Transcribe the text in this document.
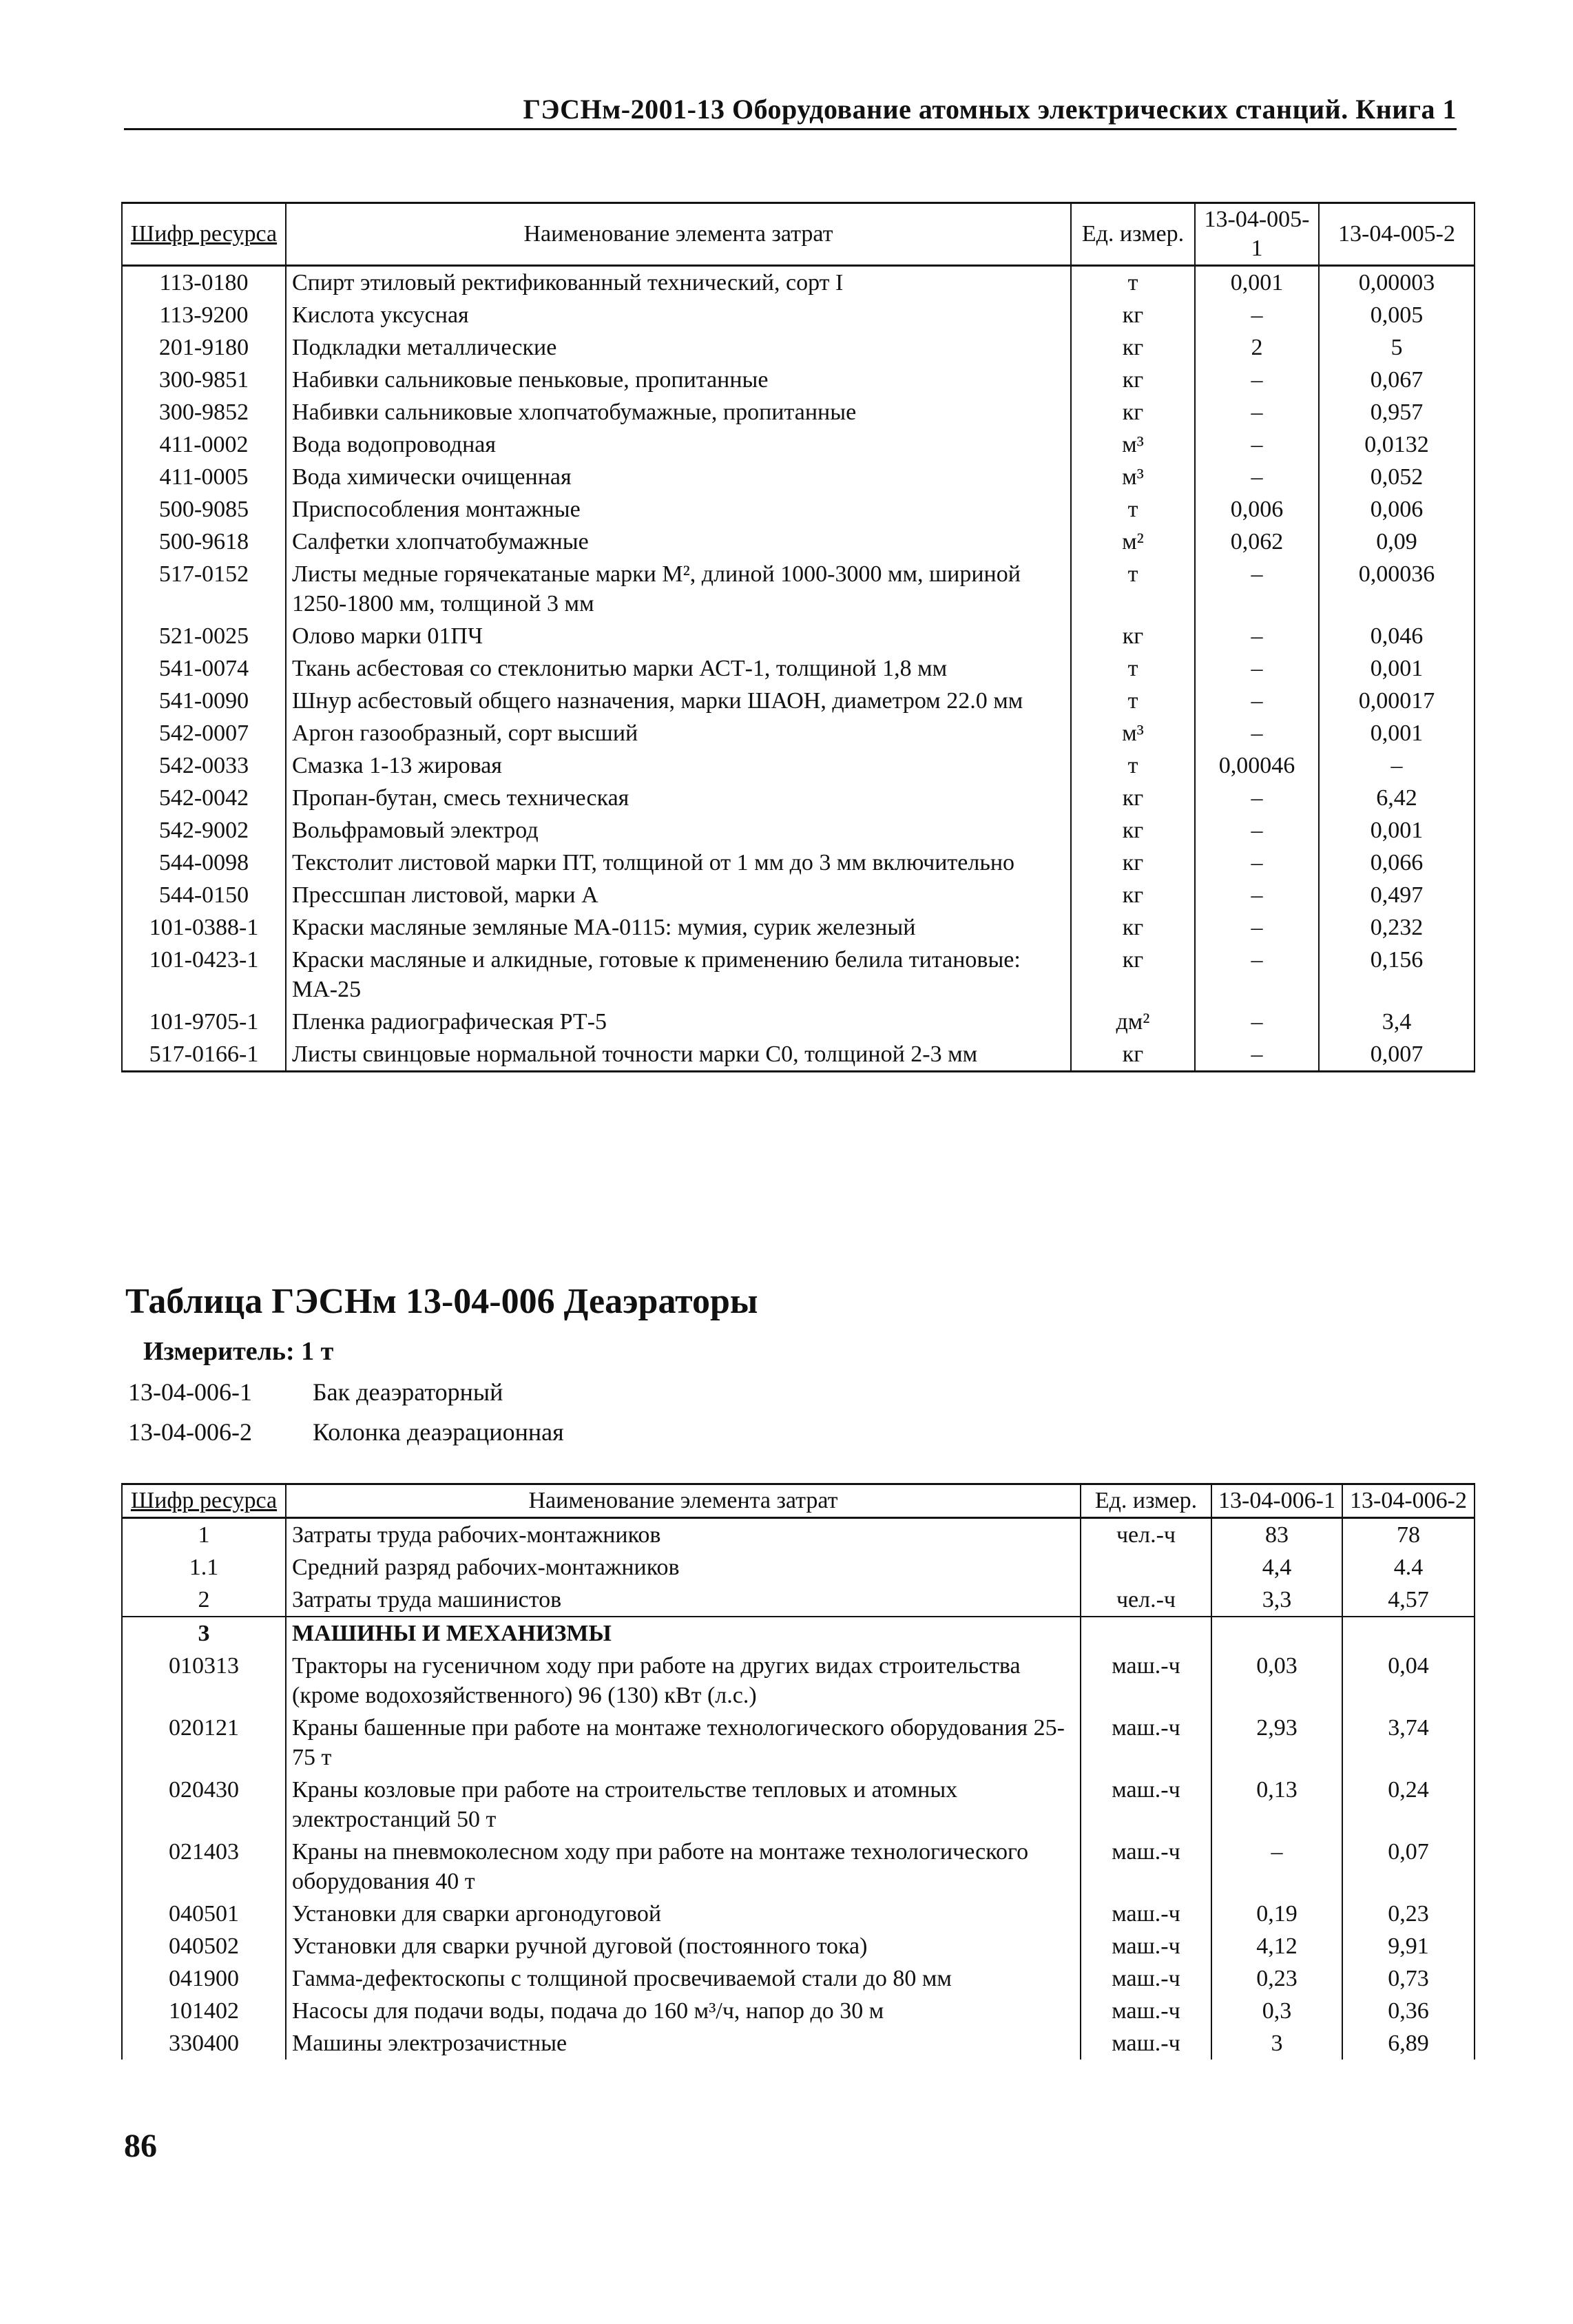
ГЭСНм-2001-13 Оборудование атомных электрических станций. Книга 1
Шифр ресурса	Наименование элемента затрат	Ед. измер.	13-04-005-1	13-04-005-2
113-0180	Спирт этиловый ректификованный технический, сорт I	т	0,001	0,00003
113-9200	Кислота уксусная	кг	–	0,005
201-9180	Подкладки металлические	кг	2	5
300-9851	Набивки сальниковые пеньковые, пропитанные	кг	–	0,067
300-9852	Набивки сальниковые хлопчатобумажные, пропитанные	кг	–	0,957
411-0002	Вода водопроводная	м³	–	0,0132
411-0005	Вода химически очищенная	м³	–	0,052
500-9085	Приспособления монтажные	т	0,006	0,006
500-9618	Салфетки хлопчатобумажные	м²	0,062	0,09
517-0152	Листы медные горячекатаные марки М², длиной 1000-3000 мм, шириной 1250-1800 мм, толщиной 3 мм	т	–	0,00036
521-0025	Олово марки 01ПЧ	кг	–	0,046
541-0074	Ткань асбестовая со стеклонитью марки АСТ-1, толщиной 1,8 мм	т	–	0,001
541-0090	Шнур асбестовый общего назначения, марки ШАОН, диаметром 22.0 мм	т	–	0,00017
542-0007	Аргон газообразный, сорт высший	м³	–	0,001
542-0033	Смазка 1-13 жировая	т	0,00046	–
542-0042	Пропан-бутан, смесь техническая	кг	–	6,42
542-9002	Вольфрамовый электрод	кг	–	0,001
544-0098	Текстолит листовой марки ПТ, толщиной от 1 мм до 3 мм включительно	кг	–	0,066
544-0150	Прессшпан листовой, марки А	кг	–	0,497
101-0388-1	Краски масляные земляные МА-0115: мумия, сурик железный	кг	–	0,232
101-0423-1	Краски масляные и алкидные, готовые к применению белила титановые: МА-25	кг	–	0,156
101-9705-1	Пленка радиографическая РТ-5	дм²	–	3,4
517-0166-1	Листы свинцовые нормальной точности марки С0, толщиной 2-3 мм	кг	–	0,007
Таблица ГЭСНм 13-04-006 Деаэраторы
Измеритель: 1 т
13-04-006-1 Бак деаэраторный
13-04-006-2 Колонка деаэрационная
Шифр ресурса	Наименование элемента затрат	Ед. измер.	13-04-006-1	13-04-006-2
1	Затраты труда рабочих-монтажников	чел.-ч	83	78
1.1	Средний разряд рабочих-монтажников		4,4	4.4
2	Затраты труда машинистов	чел.-ч	3,3	4,57
3	МАШИНЫ И МЕХАНИЗМЫ			
010313	Тракторы на гусеничном ходу при работе на других видах строительства (кроме водохозяйственного) 96 (130) кВт (л.с.)	маш.-ч	0,03	0,04
020121	Краны башенные при работе на монтаже технологического оборудования 25-75 т	маш.-ч	2,93	3,74
020430	Краны козловые при работе на строительстве тепловых и атомных электростанций 50 т	маш.-ч	0,13	0,24
021403	Краны на пневмоколесном ходу при работе на монтаже технологического оборудования 40 т	маш.-ч	–	0,07
040501	Установки для сварки аргонодуговой	маш.-ч	0,19	0,23
040502	Установки для сварки ручной дуговой (постоянного тока)	маш.-ч	4,12	9,91
041900	Гамма-дефектоскопы с толщиной просвечиваемой стали до 80 мм	маш.-ч	0,23	0,73
101402	Насосы для подачи воды, подача до 160 м³/ч, напор до 30 м	маш.-ч	0,3	0,36
330400	Машины электрозачистные	маш.-ч	3	6,89
86
